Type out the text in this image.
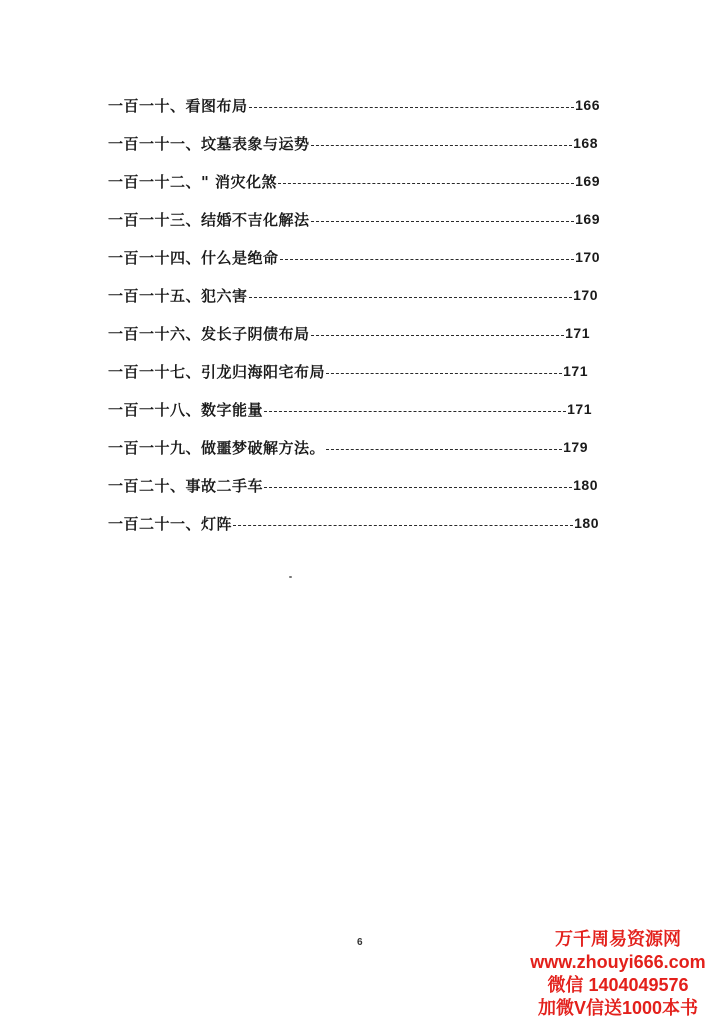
一百一十、看图布局	166
一百一十一、坟墓表象与运势	168
一百一十二、" 消灾化煞	169
一百一十三、结婚不吉化解法	169
一百一十四、什么是绝命	170
一百一十五、犯六害	170
一百一十六、发长子阴债布局	171
一百一十七、引龙归海阳宅布局	171
一百一十八、数字能量	171
一百一十九、做噩梦破解方法。	179
一百二十、事故二手车	180
一百二十一、灯阵	180
6	万千周易资源网
www.zhouyi666.com
微信 1404049576
加微V信送1000本书
